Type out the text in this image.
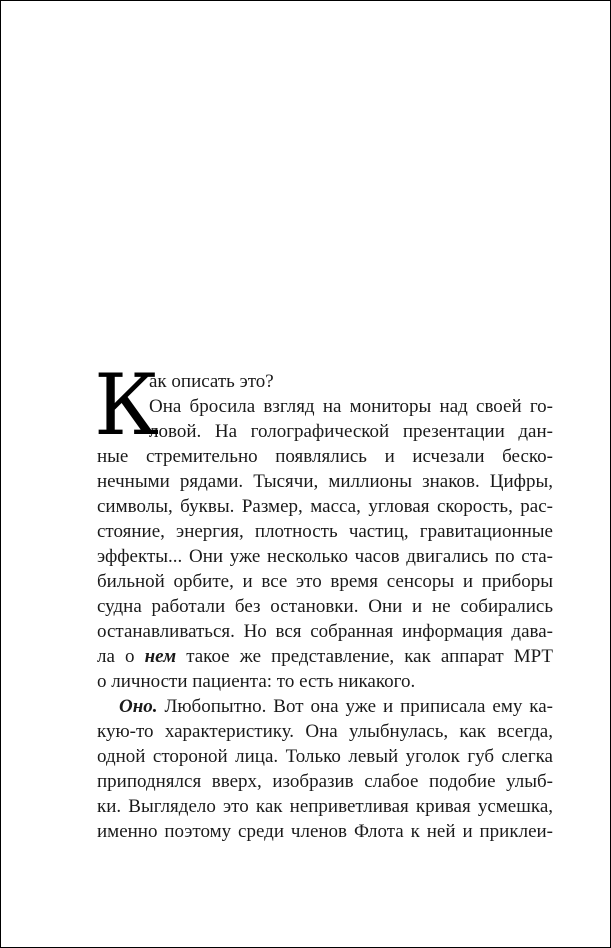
К
ак описать это?
Она бросила взгляд на мониторы над своей го-
ловой. На голографической презентации дан-
ные стремительно появлялись и исчезали беско-
нечными рядами. Тысячи, миллионы знаков. Цифры,
символы, буквы. Размер, масса, угловая скорость, рас-
стояние, энергия, плотность частиц, гравитационные
эффекты... Они уже несколько часов двигались по ста-
бильной орбите, и все это время сенсоры и приборы
судна работали без остановки. Они и не собирались
останавливаться. Но вся собранная информация дава-
ла о нем такое же представление, как аппарат МРТ
о личности пациента: то есть никакого.
Оно. Любопытно. Вот она уже и приписала ему ка-
кую-то характеристику. Она улыбнулась, как всегда,
одной стороной лица. Только левый уголок губ слегка
приподнялся вверх, изобразив слабое подобие улыб-
ки. Выглядело это как неприветливая кривая усмешка,
именно поэтому среди членов Флота к ней и приклеи-
